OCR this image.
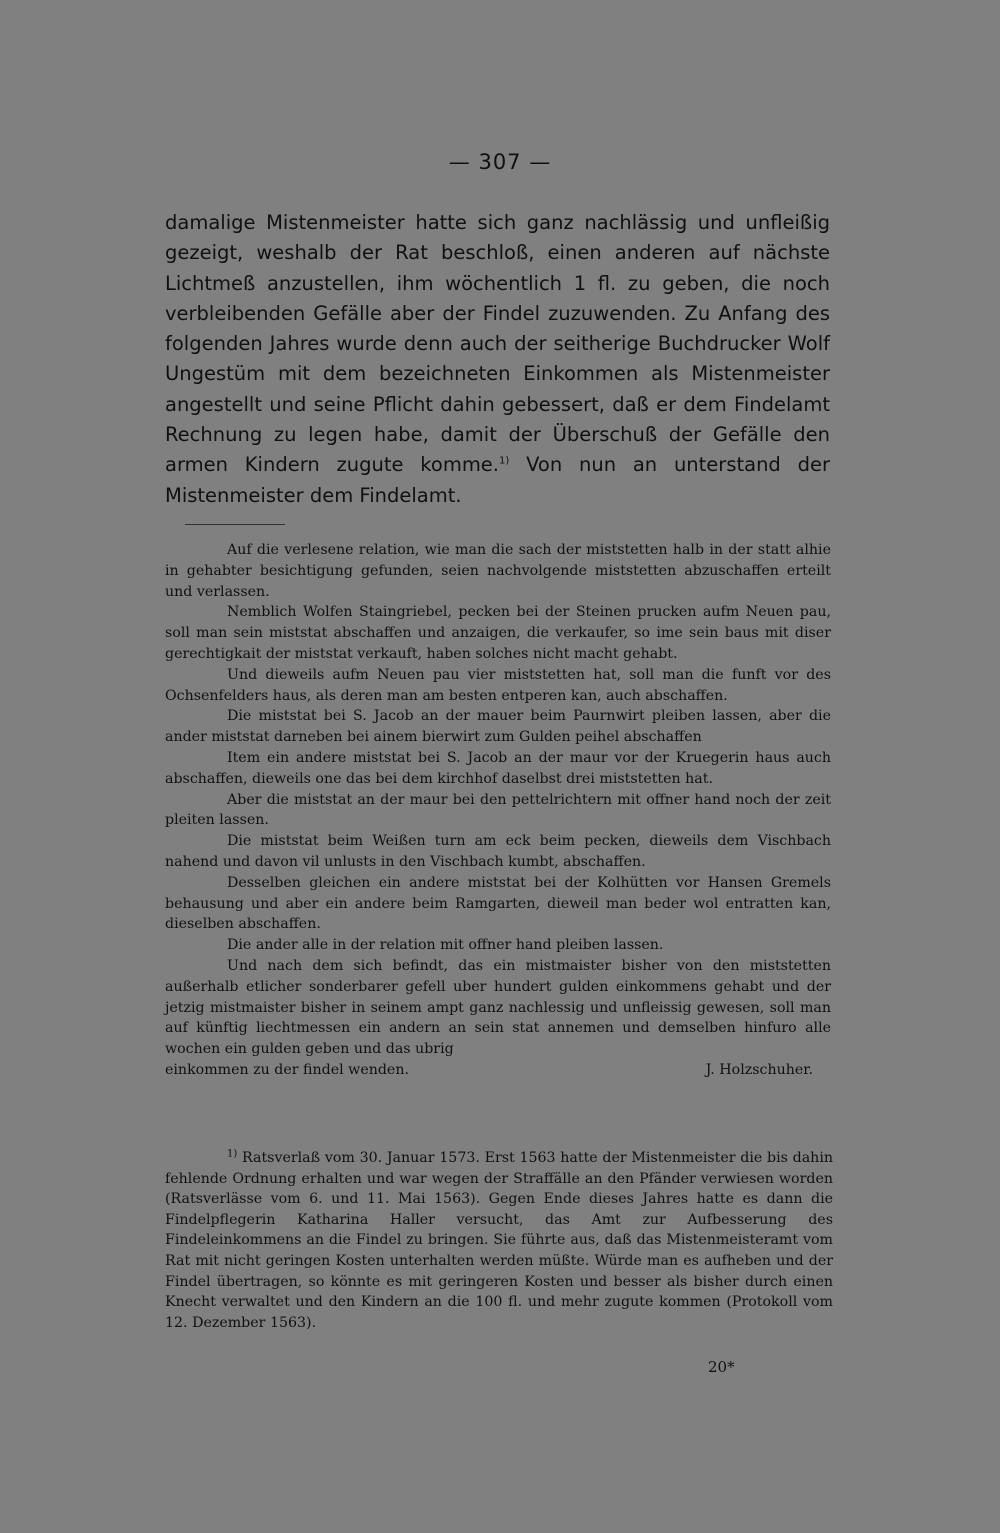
— 307 —

damalige Mistenmeister hatte sich ganz nachlässig und unfleißig gezeigt, weshalb der Rat beschloß, einen anderen auf nächste Lichtmeß anzustellen, ihm wöchentlich 1 fl. zu geben, die noch verbleibenden Gefälle aber der Findel zuzuwenden. Zu Anfang des folgenden Jahres wurde denn auch der seitherige Buchdrucker Wolf Ungestüm mit dem bezeichneten Einkommen als Mistenmeister angestellt und seine Pflicht dahin gebessert, daß er dem Findelamt Rechnung zu legen habe, damit der Überschuß der Gefälle den armen Kindern zugute komme.$^{1)}$ Von nun an unterstand der Mistenmeister dem Findelamt.

Auf die verlesene relation, wie man die sach der miststetten halb in der statt alhie in gehabter besichtigung gefunden, seien nachvolgende miststetten abzuschaffen erteilt und verlassen.

Nemblich Wolfen Staingriebel, pecken bei der Steinen prucken aufm Neuen pau, soll man sein miststat abschaffen und anzaigen, die verkaufer, so ime sein baus mit diser gerechtigkait der miststat verkauft, haben solches nicht macht gehabt.

Und dieweils aufm Neuen pau vier miststetten hat, soll man die funft vor des Ochsenfelders haus, als deren man am besten entperen kan, auch abschaffen.

Die miststat bei S. Jacob an der mauer beim Paurnwirt pleiben lassen, aber die ander miststat darneben bei ainem bierwirt zum Gulden peihel abschaffen

Item ein andere miststat bei S. Jacob an der maur vor der Kruegerin haus auch abschaffen, dieweils one das bei dem kirchhof daselbst drei miststetten hat.

Aber die miststat an der maur bei den pettelrichtern mit offner hand noch der zeit pleiten lassen.

Die miststat beim Weißen turn am eck beim pecken, dieweils dem Vischbach nahend und davon vil unlusts in den Vischbach kumbt, abschaffen.

Desselben gleichen ein andere miststat bei der Kolhütten vor Hansen Gremels behausung und aber ein andere beim Ramgarten, dieweil man beder wol entratten kan, dieselben abschaffen.

Die ander alle in der relation mit offner hand pleiben lassen.

Und nach dem sich befindt, das ein mistmaister bisher von den miststetten außerhalb etlicher sonderbarer gefell uber hundert gulden einkommens gehabt und der jetzig mistmaister bisher in seinem ampt ganz nachlessig und unfleissig gewesen, soll man auf künftig liechtmessen ein andern an sein stat annemen und demselben hinfuro alle wochen ein gulden geben und das ubrig

einkommen zu der findel wenden.	J. Holzschuher.

$^{1)}$ Ratsverlaß vom 30. Januar 1573. Erst 1563 hatte der Mistenmeister die bis dahin fehlende Ordnung erhalten und war wegen der Straffälle an den Pfänder verwiesen worden (Ratsverlässe vom 6. und 11. Mai 1563). Gegen Ende dieses Jahres hatte es dann die Findelpflegerin Katharina Haller versucht, das Amt zur Aufbesserung des Findeleinkommens an die Findel zu bringen. Sie führte aus, daß das Mistenmeisteramt vom Rat mit nicht geringen Kosten unterhalten werden müßte. Würde man es aufheben und der Findel übertragen, so könnte es mit geringeren Kosten und besser als bisher durch einen Knecht verwaltet und den Kindern an die 100 fl. und mehr zugute kommen (Protokoll vom 12. Dezember 1563).

20*
